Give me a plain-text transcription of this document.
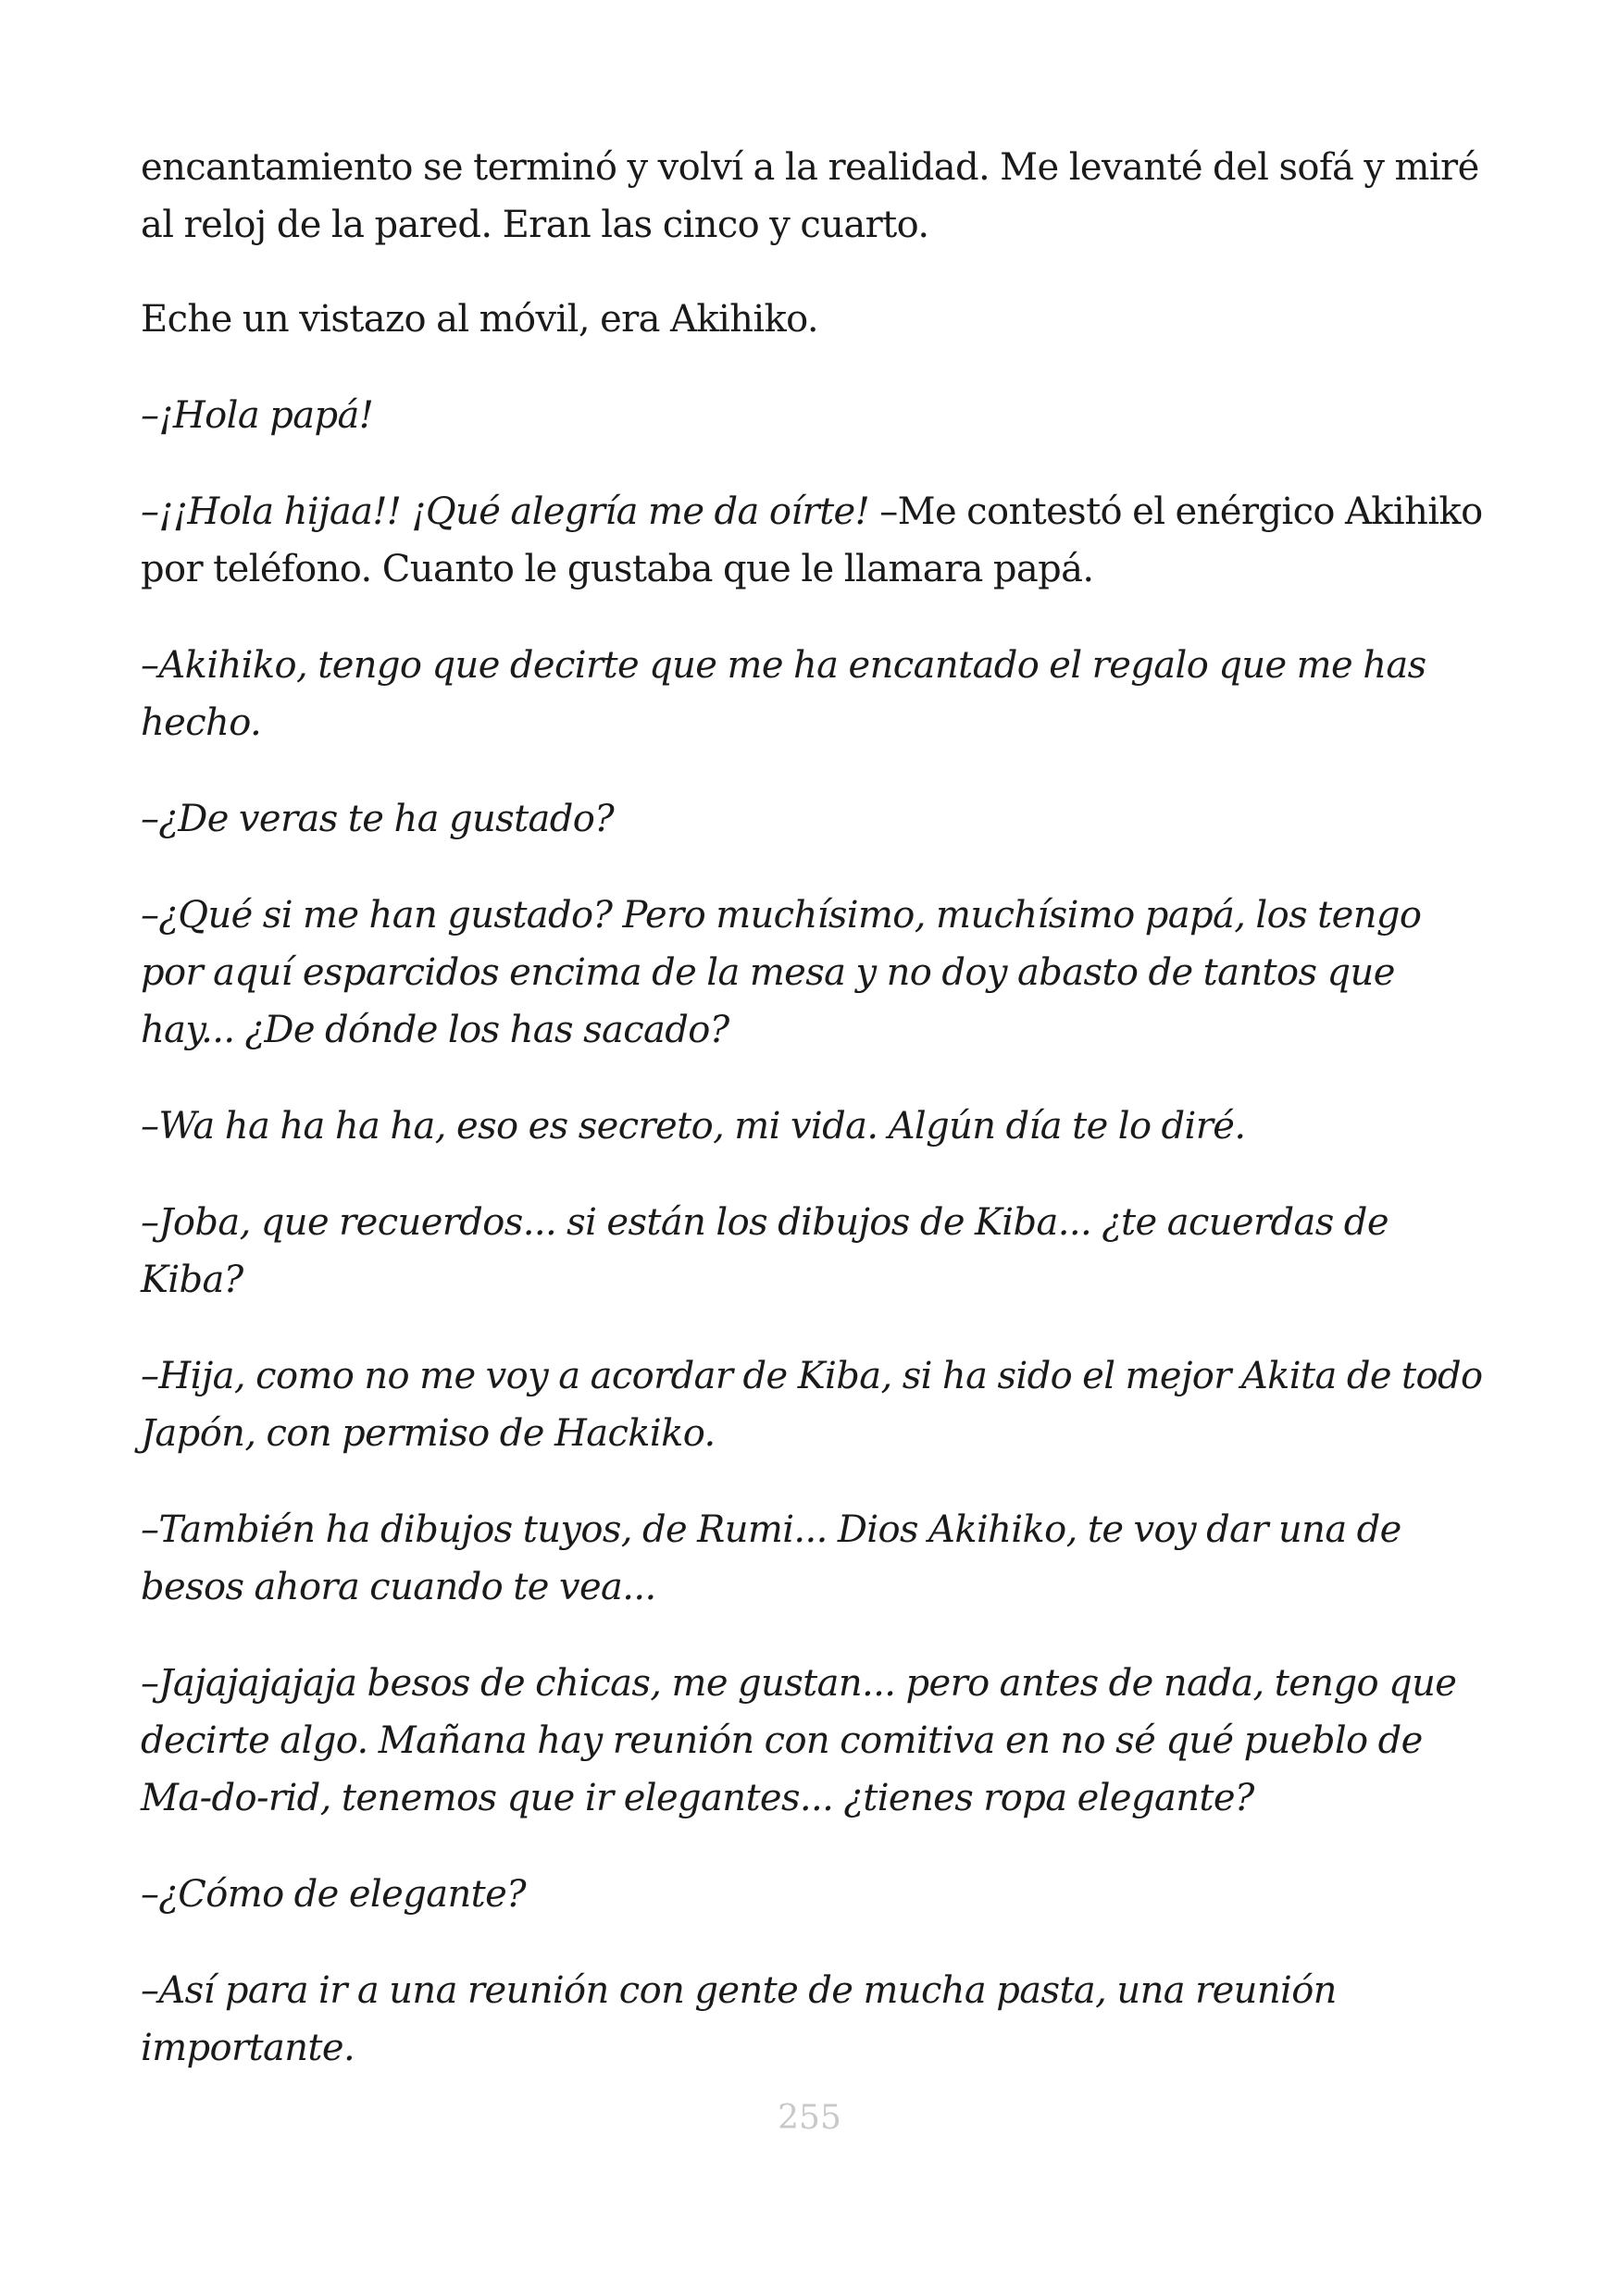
encantamiento se terminó y volví a la realidad. Me levanté del sofá y miré al reloj de la pared. Eran las cinco y cuarto.

Eche un vistazo al móvil, era Akihiko.

–¡Hola papá!

–¡¡Hola hijaa!! ¡Qué alegría me da oírte! –Me contestó el enérgico Akihiko por teléfono. Cuanto le gustaba que le llamara papá.

–Akihiko, tengo que decirte que me ha encantado el regalo que me has hecho.

–¿De veras te ha gustado?

–¿Qué si me han gustado? Pero muchísimo, muchísimo papá, los tengo por aquí esparcidos encima de la mesa y no doy abasto de tantos que hay... ¿De dónde los has sacado?

–Wa ha ha ha ha, eso es secreto, mi vida. Algún día te lo diré.

–Joba, que recuerdos... si están los dibujos de Kiba... ¿te acuerdas de Kiba?

–Hija, como no me voy a acordar de Kiba, si ha sido el mejor Akita de todo Japón, con permiso de Hackiko.

–También ha dibujos tuyos, de Rumi... Dios Akihiko, te voy dar una de besos ahora cuando te vea...

–Jajajajajaja besos de chicas, me gustan... pero antes de nada, tengo que decirte algo. Mañana hay reunión con comitiva en no sé qué pueblo de Ma-do-rid, tenemos que ir elegantes... ¿tienes ropa elegante?

–¿Cómo de elegante?

–Así para ir a una reunión con gente de mucha pasta, una reunión importante.

255
